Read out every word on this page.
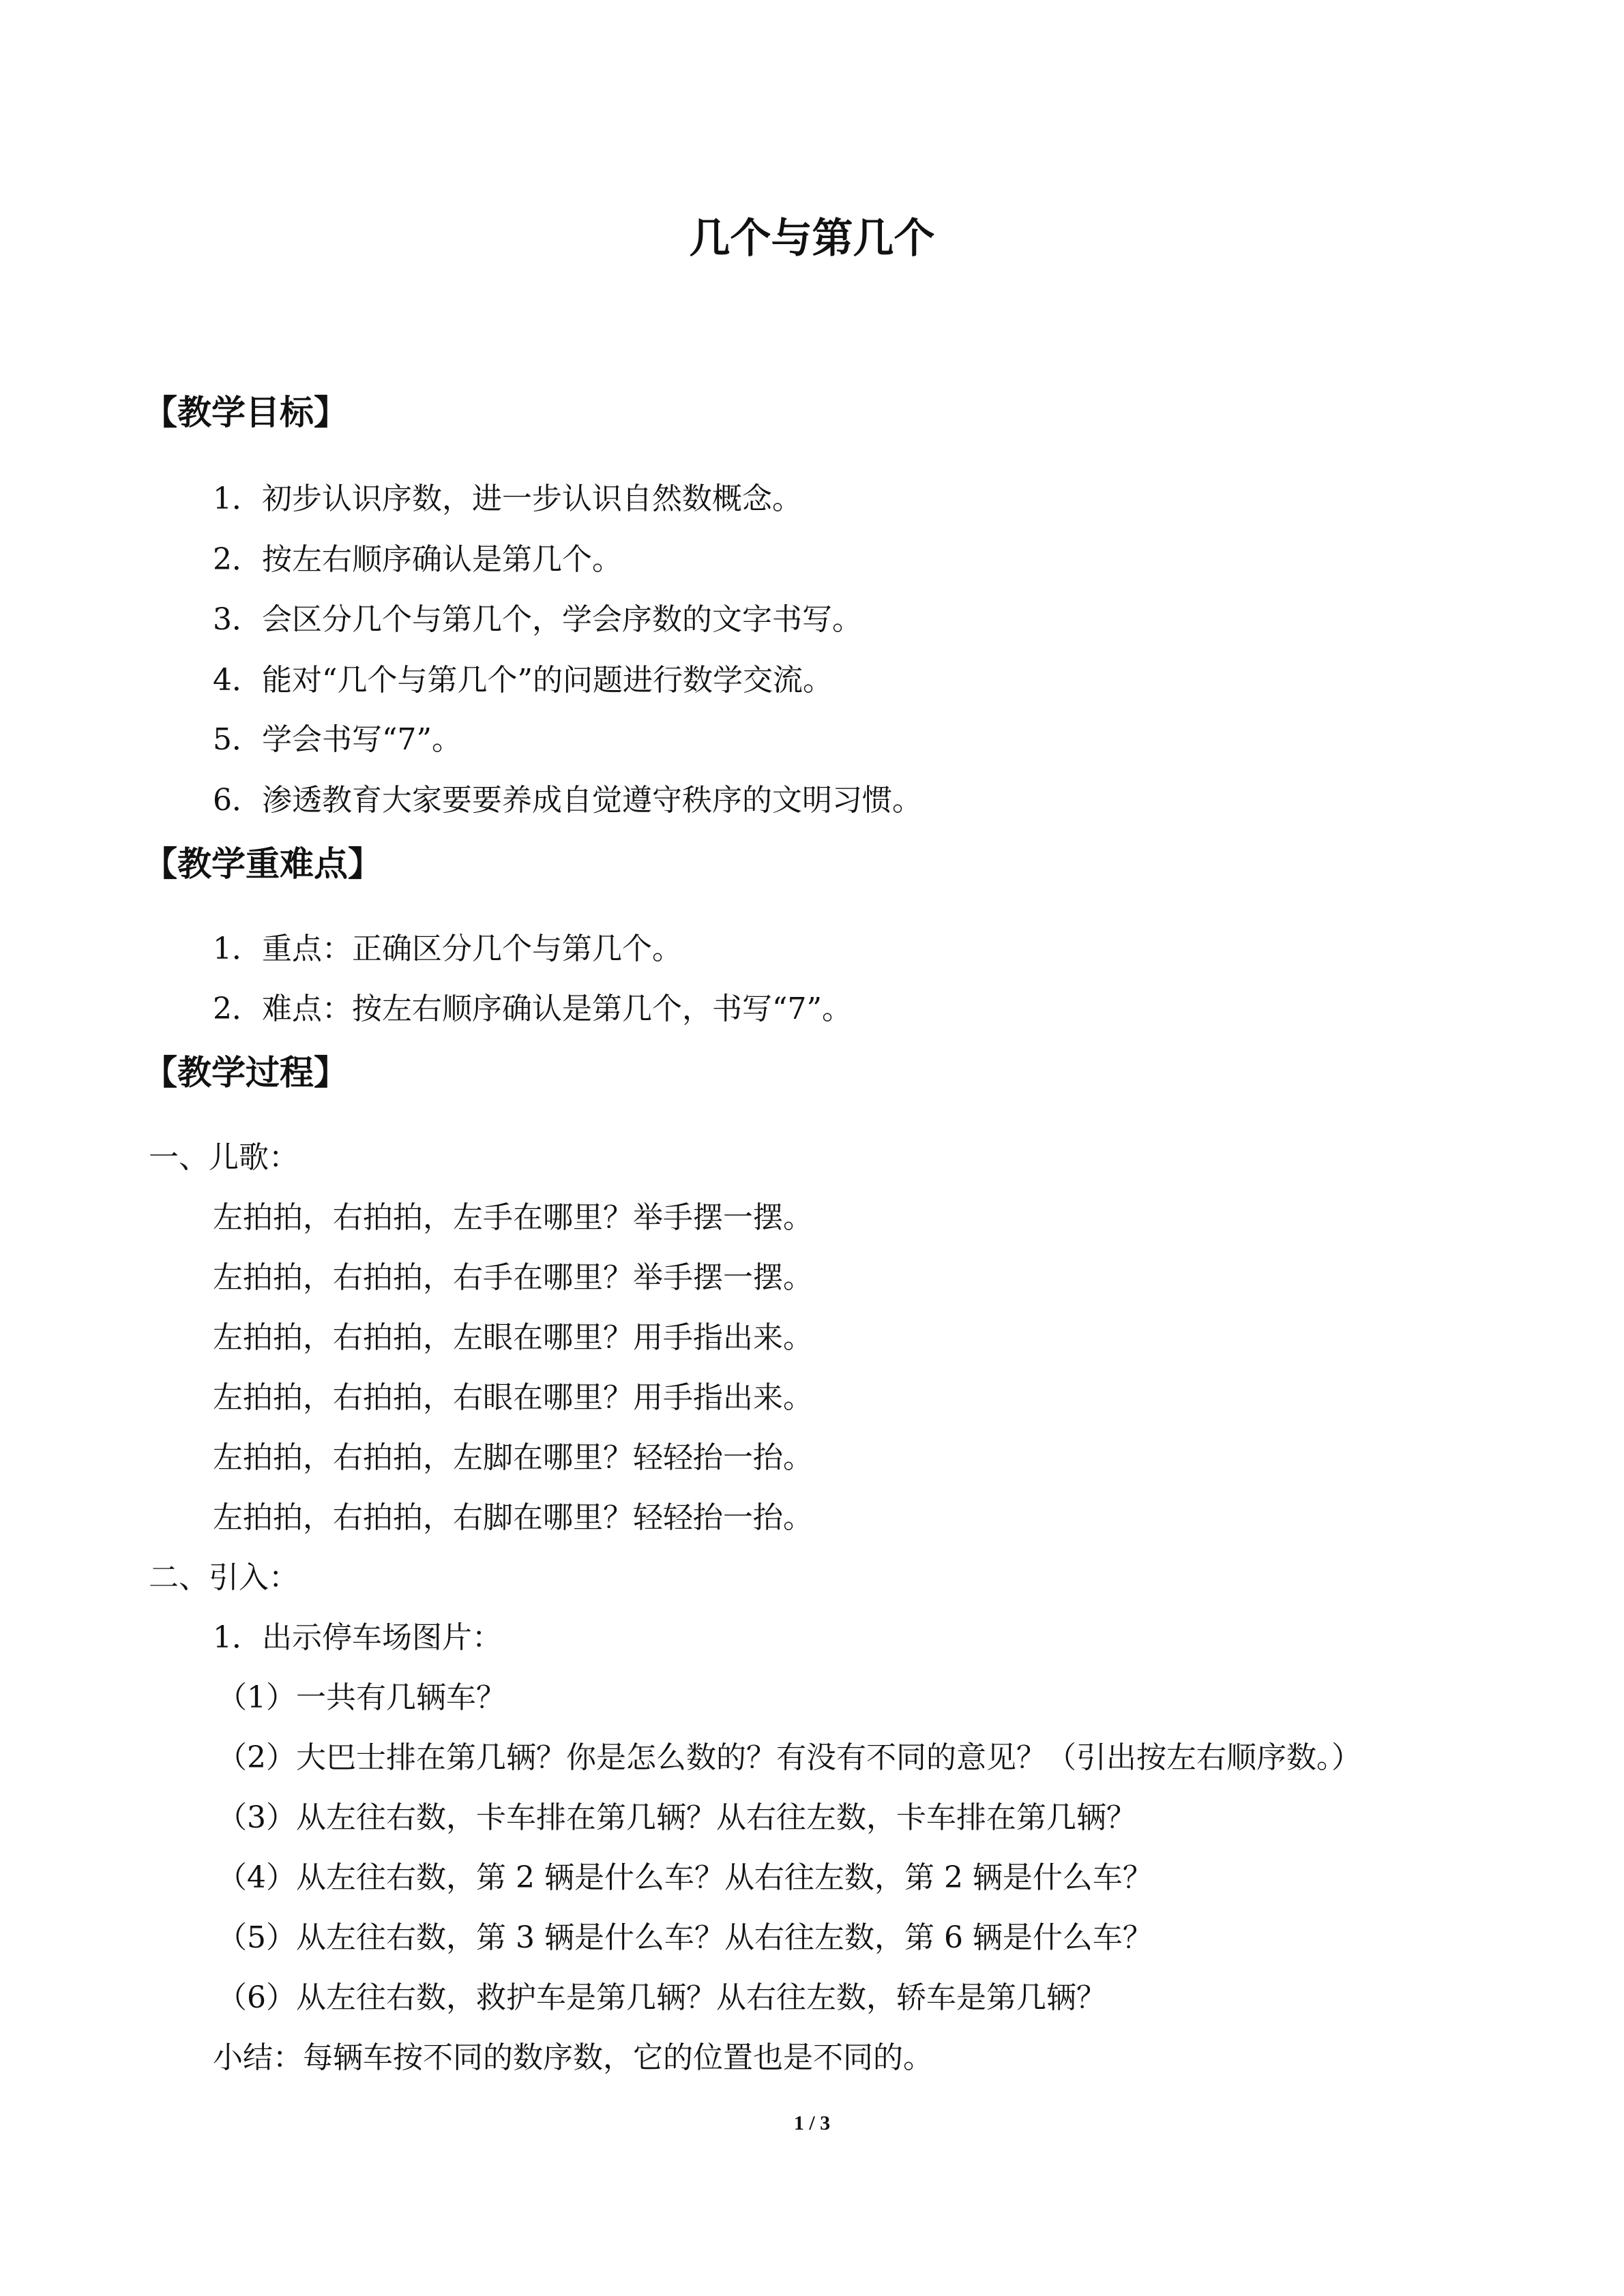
几个与第几个
【教学目标】
1．初步认识序数，进一步认识自然数概念。
2．按左右顺序确认是第几个。
3．会区分几个与第几个，学会序数的文字书写。
4．能对“几个与第几个”的问题进行数学交流。
5．学会书写“7”。
6．渗透教育大家要要养成自觉遵守秩序的文明习惯。
【教学重难点】
1．重点：正确区分几个与第几个。
2．难点：按左右顺序确认是第几个，书写“7”。
【教学过程】
一、儿歌：
左拍拍，右拍拍，左手在哪里？举手摆一摆。
左拍拍，右拍拍，右手在哪里？举手摆一摆。
左拍拍，右拍拍，左眼在哪里？用手指出来。
左拍拍，右拍拍，右眼在哪里？用手指出来。
左拍拍，右拍拍，左脚在哪里？轻轻抬一抬。
左拍拍，右拍拍，右脚在哪里？轻轻抬一抬。
二、引入：
1．出示停车场图片：
（1）一共有几辆车？
（2）大巴士排在第几辆？你是怎么数的？有没有不同的意见？（引出按左右顺序数。）
（3）从左往右数，卡车排在第几辆？从右往左数，卡车排在第几辆？
（4）从左往右数，第 2 辆是什么车？从右往左数，第 2 辆是什么车？
（5）从左往右数，第 3 辆是什么车？从右往左数，第 6 辆是什么车？
（6）从左往右数，救护车是第几辆？从右往左数，轿车是第几辆？
小结：每辆车按不同的数序数，它的位置也是不同的。
1 / 3
